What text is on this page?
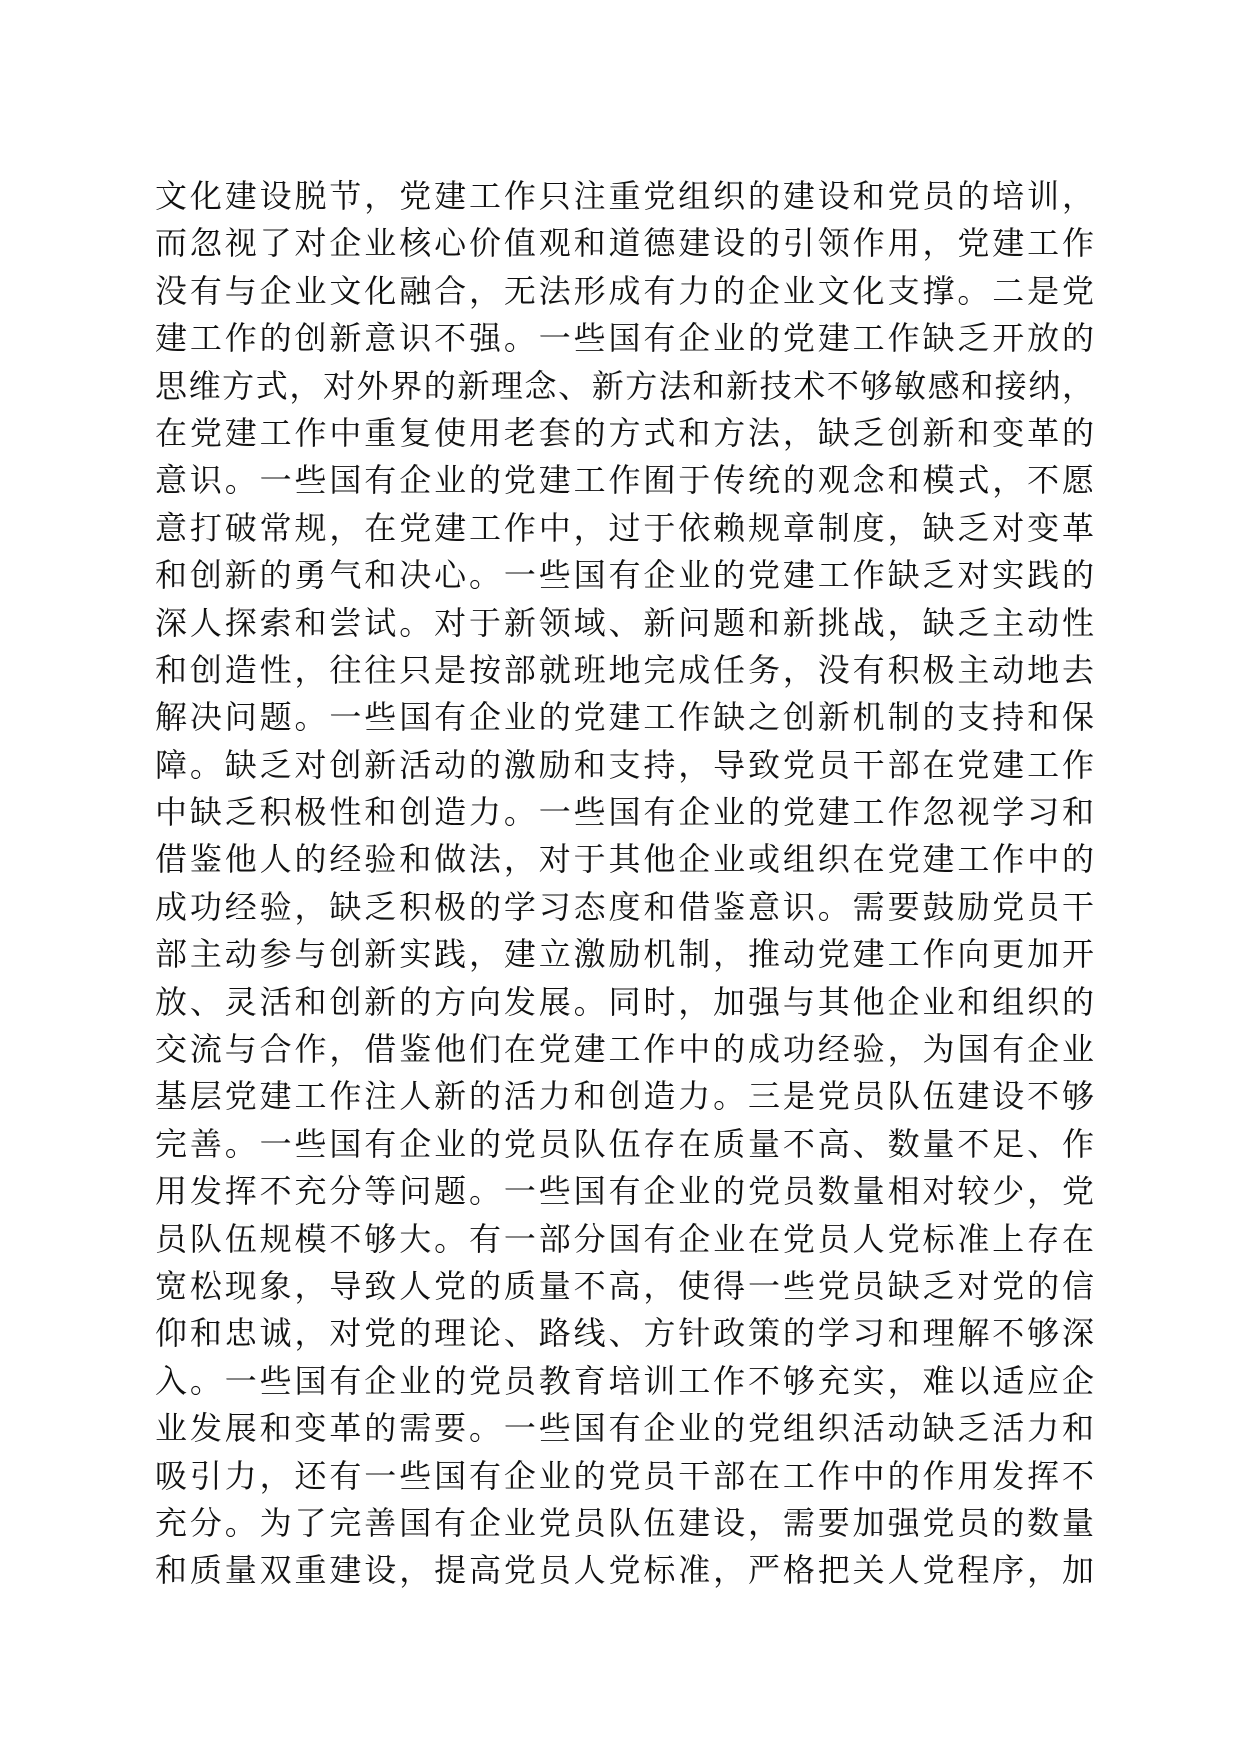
文化建设脱节，党建工作只注重党组织的建设和党员的培训，
而忽视了对企业核心价值观和道德建设的引领作用，党建工作
没有与企业文化融合，无法形成有力的企业文化支撑。二是党
建工作的创新意识不强。一些国有企业的党建工作缺乏开放的
思维方式，对外界的新理念、新方法和新技术不够敏感和接纳，
在党建工作中重复使用老套的方式和方法，缺乏创新和变革的
意识。一些国有企业的党建工作囿于传统的观念和模式，不愿
意打破常规，在党建工作中，过于依赖规章制度，缺乏对变革
和创新的勇气和决心。一些国有企业的党建工作缺乏对实践的
深人探索和尝试。对于新领域、新问题和新挑战，缺乏主动性
和创造性，往往只是按部就班地完成任务，没有积极主动地去
解决问题。一些国有企业的党建工作缺之创新机制的支持和保
障。缺乏对创新活动的激励和支持，导致党员干部在党建工作
中缺乏积极性和创造力。一些国有企业的党建工作忽视学习和
借鉴他人的经验和做法，对于其他企业或组织在党建工作中的
成功经验，缺乏积极的学习态度和借鉴意识。需要鼓励党员干
部主动参与创新实践，建立激励机制，推动党建工作向更加开
放、灵活和创新的方向发展。同时，加强与其他企业和组织的
交流与合作，借鉴他们在党建工作中的成功经验，为国有企业
基层党建工作注人新的活力和创造力。三是党员队伍建设不够
完善。一些国有企业的党员队伍存在质量不高、数量不足、作
用发挥不充分等问题。一些国有企业的党员数量相对较少，党
员队伍规模不够大。有一部分国有企业在党员人党标准上存在
宽松现象，导致人党的质量不高，使得一些党员缺乏对党的信
仰和忠诚，对党的理论、路线、方针政策的学习和理解不够深
入。一些国有企业的党员教育培训工作不够充实，难以适应企
业发展和变革的需要。一些国有企业的党组织活动缺乏活力和
吸引力，还有一些国有企业的党员干部在工作中的作用发挥不
充分。为了完善国有企业党员队伍建设，需要加强党员的数量
和质量双重建设，提高党员人党标准，严格把关人党程序，加
